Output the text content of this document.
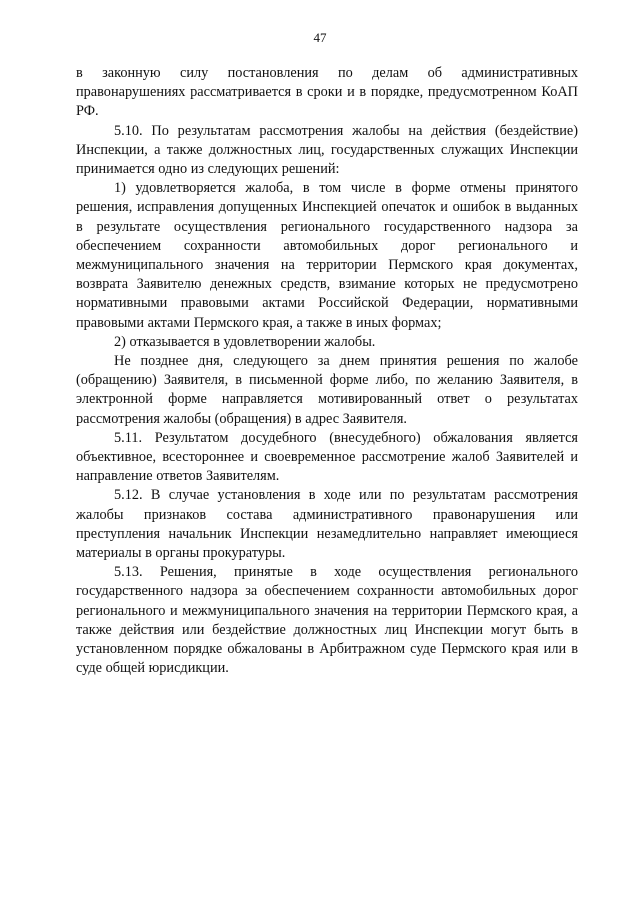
47

в законную силу постановления по делам об административных правонарушениях рассматривается в сроки и в порядке, предусмотренном КоАП РФ.

5.10. По результатам рассмотрения жалобы на действия (бездействие) Инспекции, а также должностных лиц, государственных служащих Инспекции принимается одно из следующих решений:

1) удовлетворяется жалоба, в том числе в форме отмены принятого решения, исправления допущенных Инспекцией опечаток и ошибок в выданных в результате осуществления регионального государственного надзора за обеспечением сохранности автомобильных дорог регионального и межмуниципального значения на территории Пермского края документах, возврата Заявителю денежных средств, взимание которых не предусмотрено нормативными правовыми актами Российской Федерации, нормативными правовыми актами Пермского края, а также в иных формах;

2) отказывается в удовлетворении жалобы.

Не позднее дня, следующего за днем принятия решения по жалобе (обращению) Заявителя, в письменной форме либо, по желанию Заявителя, в электронной форме направляется мотивированный ответ о результатах рассмотрения жалобы (обращения) в адрес Заявителя.

5.11. Результатом досудебного (внесудебного) обжалования является объективное, всестороннее и своевременное рассмотрение жалоб Заявителей и направление ответов Заявителям.

5.12. В случае установления в ходе или по результатам рассмотрения жалобы признаков состава административного правонарушения или преступления начальник Инспекции незамедлительно направляет имеющиеся материалы в органы прокуратуры.

5.13. Решения, принятые в ходе осуществления регионального государственного надзора за обеспечением сохранности автомобильных дорог регионального и межмуниципального значения на территории Пермского края, а также действия или бездействие должностных лиц Инспекции могут быть в установленном порядке обжалованы в Арбитражном суде Пермского края или в суде общей юрисдикции.
